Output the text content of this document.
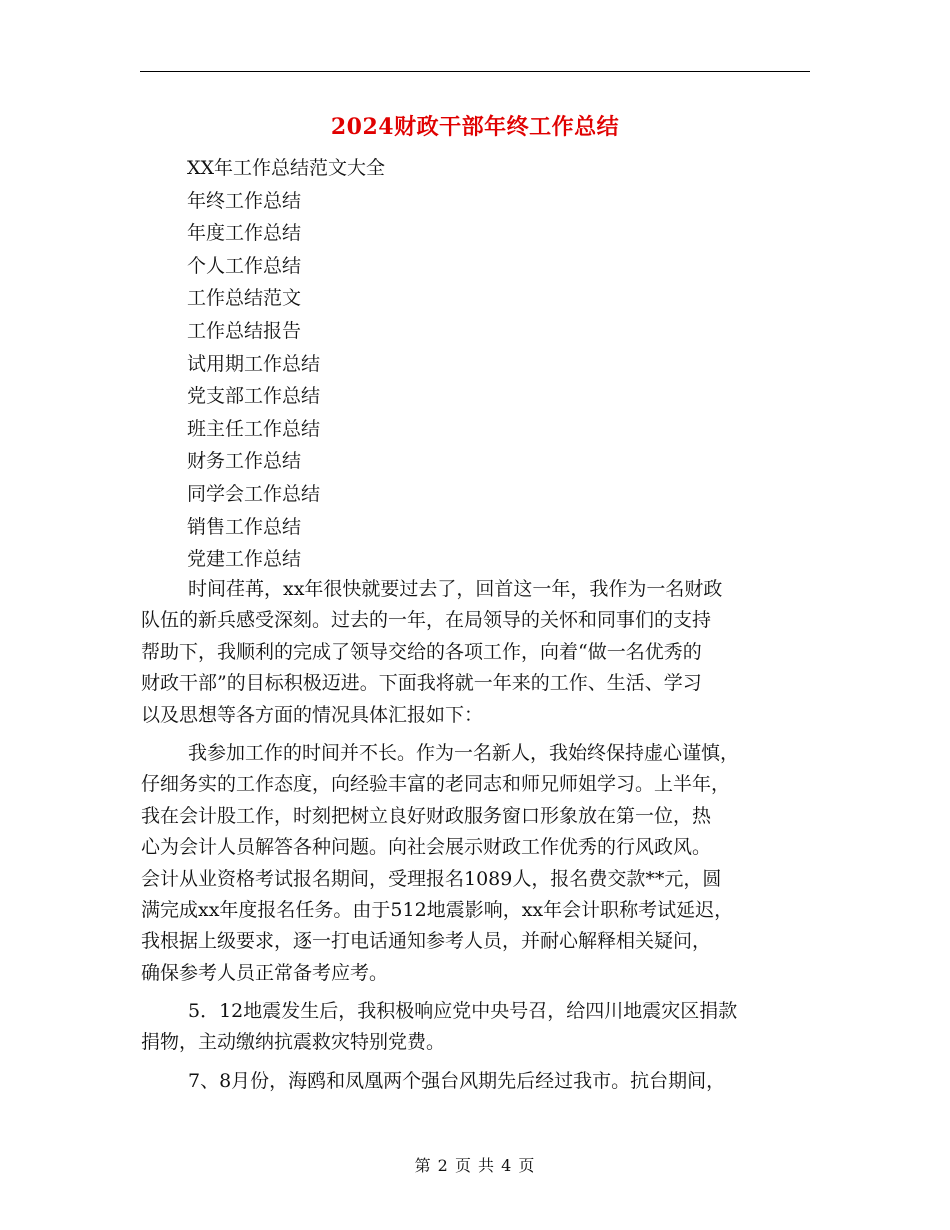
2024财政干部年终工作总结
XX年工作总结范文大全
年终工作总结
年度工作总结
个人工作总结
工作总结范文
工作总结报告
试用期工作总结
党支部工作总结
班主任工作总结
财务工作总结
同学会工作总结
销售工作总结
党建工作总结
时间荏苒，xx年很快就要过去了，回首这一年，我作为一名财政
队伍的新兵感受深刻。过去的一年，在局领导的关怀和同事们的支持
帮助下，我顺利的完成了领导交给的各项工作，向着“做一名优秀的
财政干部”的目标积极迈进。下面我将就一年来的工作、生活、学习
以及思想等各方面的情况具体汇报如下：
我参加工作的时间并不长。作为一名新人，我始终保持虚心谨慎，
仔细务实的工作态度，向经验丰富的老同志和师兄师姐学习。上半年，
我在会计股工作，时刻把树立良好财政服务窗口形象放在第一位，热
心为会计人员解答各种问题。向社会展示财政工作优秀的行风政风。
会计从业资格考试报名期间，受理报名1089人，报名费交款**元，圆
满完成xx年度报名任务。由于512地震影响，xx年会计职称考试延迟，
我根据上级要求，逐一打电话通知参考人员，并耐心解释相关疑问，
确保参考人员正常备考应考。
5．12地震发生后，我积极响应党中央号召，给四川地震灾区捐款
捐物，主动缴纳抗震救灾特别党费。
7、8月份，海鸥和凤凰两个强台风期先后经过我市。抗台期间，
第 2 页 共 4 页
